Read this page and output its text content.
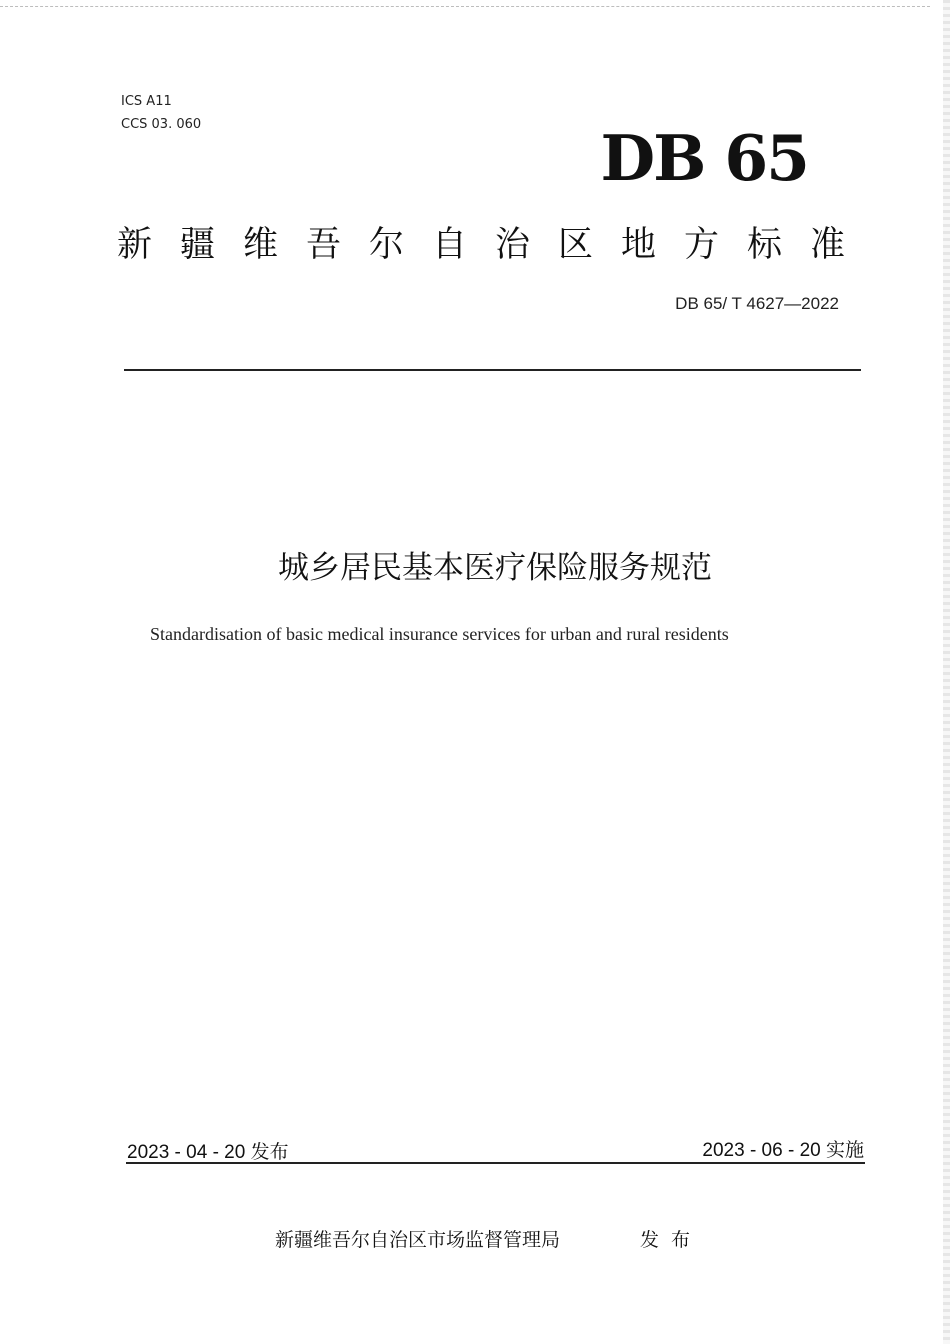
ICS A11
CCS 03. 060	DB 65
新疆维吾尔自治区地方标准
DB 65/ T 4627—2022
城乡居民基本医疗保险服务规范
Standardisation of basic medical insurance services for urban and rural residents
2023 - 04 - 20 发布	2023 - 06 - 20 实施
新疆维吾尔自治区市场监督管理局	发布
